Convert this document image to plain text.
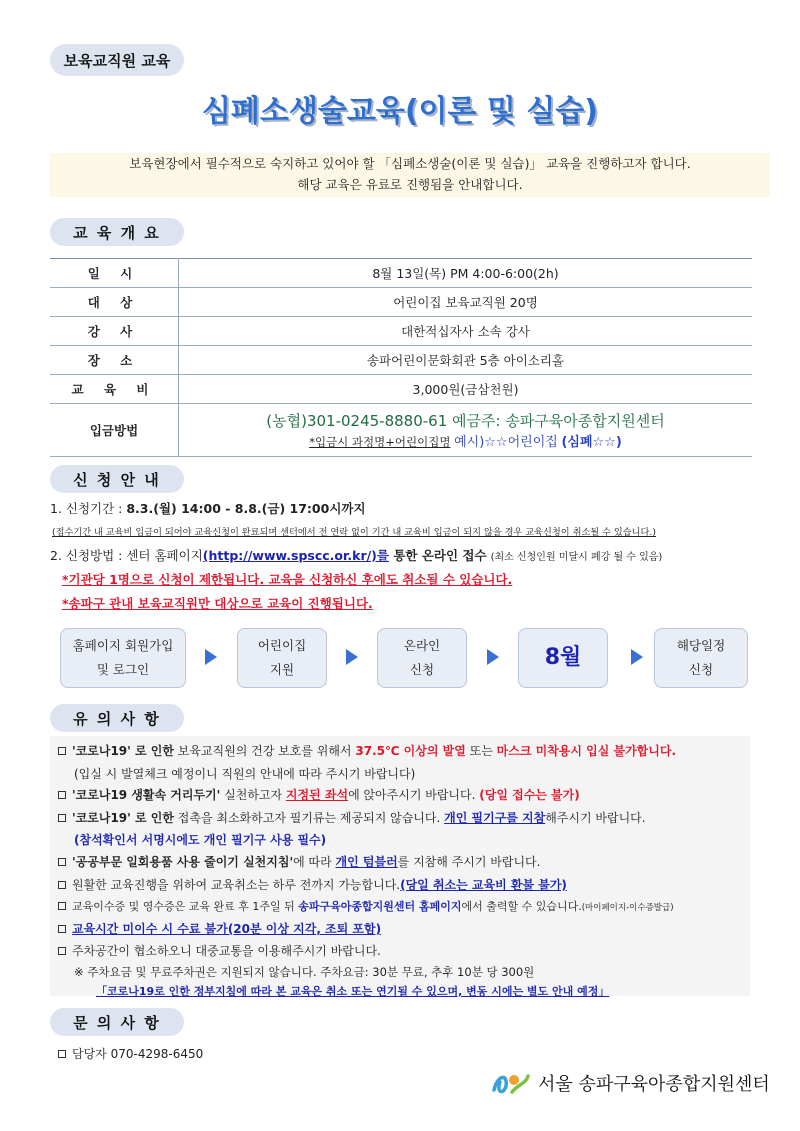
보육교직원 교육
심폐소생술교육(이론 및 실습)
보육현장에서 필수적으로 숙지하고 있어야 할 「심폐소생술(이론 및 실습)」 교육을 진행하고자 합니다.
해당 교육은 유료로 진행됨을 안내합니다.
교 육 개 요
일 시	8월 13일(목) PM 4:00-6:00(2h)
대 상	어린이집 보육교직원 20명
강 사	대한적십자사 소속 강사
장 소	송파어린이문화회관 5층 아이소리홀
교 육 비	3,000원(금삼천원)
입금방법	(농협)301-0245-8880-61 예금주: 송파구육아종합지원센터
*입금시 과정명+어린이집명 예시)☆☆어린이집 (심폐☆☆)
신 청 안 내
1. 신청기간 : 8.3.(월) 14:00 - 8.8.(금) 17:00시까지
(접수기간 내 교육비 입금이 되어야 교육신청이 완료되며 센터에서 전 연락 없이 기간 내 교육비 입금이 되지 않을 경우 교육신청이 취소될 수 있습니다.)
2. 신청방법 : 센터 홈페이지(http://www.spscc.or.kr/)를 통한 온라인 접수 (최소 신청인원 미달시 폐강 될 수 있음)
*기관당 1명으로 신청이 제한됩니다. 교육을 신청하신 후에도 취소될 수 있습니다.
*송파구 관내 보육교직원만 대상으로 교육이 진행됩니다.
홈페이지 회원가입
및 로그인
어린이집
지원
온라인
신청	8월	해당일정
신청
유 의 사 항
'코로나19' 로 인한 보육교직원의 건강 보호를 위해서 37.5℃ 이상의 발열 또는 마스크 미착용시 입실 불가합니다.
(입실 시 발열체크 예정이니 직원의 안내에 따라 주시기 바랍니다)
'코로나19 생활속 거리두기' 실천하고자 지정된 좌석에 앉아주시기 바랍니다. (당일 접수는 불가)
'코로나19' 로 인한 접촉을 최소화하고자 필기류는 제공되지 않습니다. 개인 필기구를 지참해주시기 바랍니다.
(참석확인서 서명시에도 개인 필기구 사용 필수)
'공공부문 일회용품 사용 줄이기 실천지침'에 따라 개인 텀블러를 지참해 주시기 바랍니다.
원활한 교육진행을 위하여 교육취소는 하루 전까지 가능합니다.(당일 취소는 교육비 환불 불가)
교육이수증 및 영수증은 교육 완료 후 1주일 뒤 송파구육아종합지원센터 홈페이지에서 출력할 수 있습니다.(마이페이지-이수증발급)
교육시간 미이수 시 수료 불가(20분 이상 지각, 조퇴 포함)
주차공간이 협소하오니 대중교통을 이용해주시기 바랍니다.
※ 주차요금 및 무료주차권은 지원되지 않습니다. 주차요금: 30분 무료, 추후 10분 당 300원
「코로나19로 인한 정부지침에 따라 본 교육은 취소 또는 연기될 수 있으며, 변동 시에는 별도 안내 예정」
문 의 사 항
담당자 070-4298-6450
서울 송파구육아종합지원센터
